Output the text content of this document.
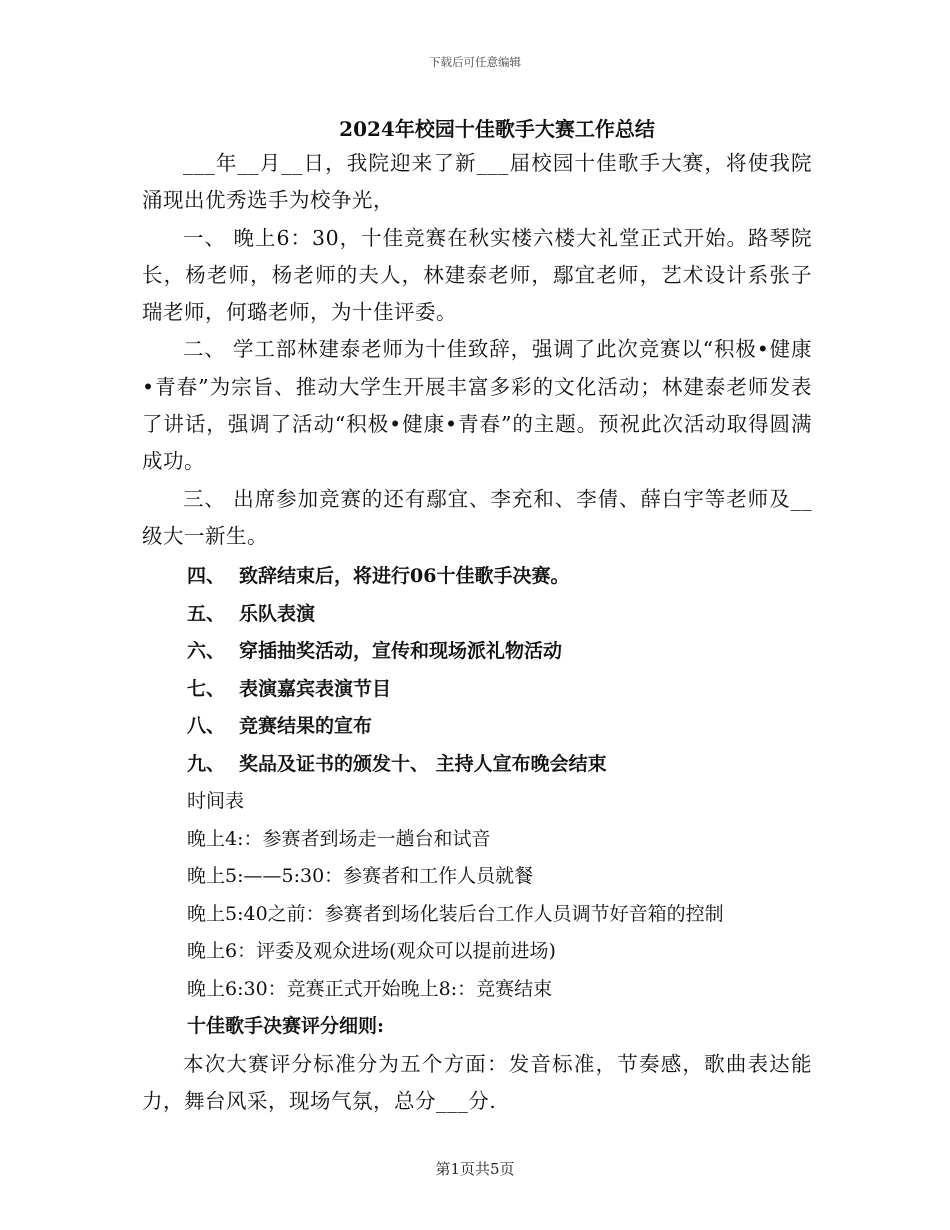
下载后可任意编辑
2024年校园十佳歌手大赛工作总结

___年__月__日，我院迎来了新___届校园十佳歌手大赛，将使我院涌现出优秀选手为校争光，

一、 晚上6：30，十佳竞赛在秋实楼六楼大礼堂正式开始。路琴院长，杨老师，杨老师的夫人，林建泰老师，鄢宜老师，艺术设计系张子瑞老师，何璐老师，为十佳评委。

二、 学工部林建泰老师为十佳致辞，强调了此次竞赛以“积极•健康•青春”为宗旨、推动大学生开展丰富多彩的文化活动；林建泰老师发表了讲话，强调了活动“积极•健康•青春”的主题。预祝此次活动取得圆满成功。

三、 出席参加竞赛的还有鄢宜、李充和、李倩、薛白宇等老师及__级大一新生。

四、 致辞结束后，将进行06十佳歌手决赛。

五、 乐队表演

六、 穿插抽奖活动，宣传和现场派礼物活动

七、 表演嘉宾表演节目

八、 竞赛结果的宣布

九、 奖品及证书的颁发十、 主持人宣布晚会结束

时间表

晚上4:：参赛者到场走一趟台和试音

晚上5:——5:30：参赛者和工作人员就餐

晚上5:40之前：参赛者到场化装后台工作人员调节好音箱的控制

晚上6：评委及观众进场(观众可以提前进场)

晚上6:30：竞赛正式开始晚上8:：竞赛结束

十佳歌手决赛评分细则:

本次大赛评分标准分为五个方面：发音标准，节奏感，歌曲表达能力，舞台风采，现场气氛，总分___分.

第1页共5页
